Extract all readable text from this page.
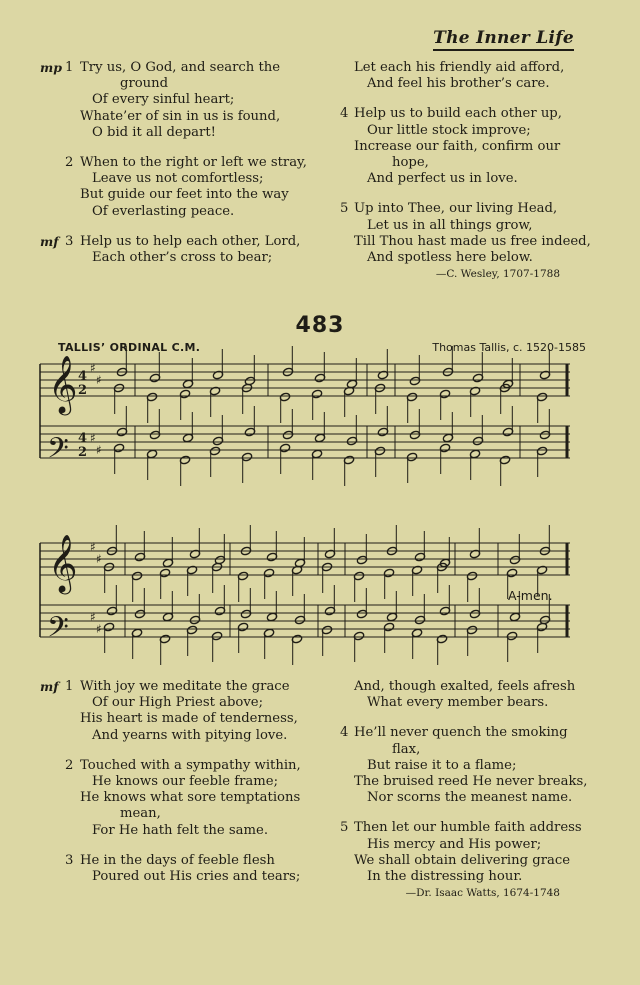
The Inner Life
mp 1 Try us, O God, and search the
ground
Of every sinful heart;
Whate’er of sin in us is found,
O bid it all depart!
2 When to the right or left we stray,
Leave us not comfortless;
But guide our feet into the way
Of everlasting peace.
mf 3 Help us to help each other, Lord,
Each other’s cross to bear;
Let each his friendly aid afford,
And feel his brother’s care.
4 Help us to build each other up,
Our little stock improve;
Increase our faith, confirm our
hope,
And perfect us in love.
5 Up into Thee, our living Head,
Let us in all things grow,
Till Thou hast made us free indeed,
And spotless here below.
—C. Wesley, 1707-1788
483
TALLIS’ ORDINAL C.M.	Thomas Tallis, c. 1520-1585
♯
♯
♯
♯
♯
♯
♯
♯
4
2
4
2
𝄞
𝄢
𝄞
𝄢
A-men.
mf 1 With joy we meditate the grace
Of our High Priest above;
His heart is made of tenderness,
And yearns with pitying love.
2 Touched with a sympathy within,
He knows our feeble frame;
He knows what sore temptations
mean,
For He hath felt the same.
3 He in the days of feeble flesh
Poured out His cries and tears;
And, though exalted, feels afresh
What every member bears.
4 He’ll never quench the smoking
flax,
But raise it to a flame;
The bruised reed He never breaks,
Nor scorns the meanest name.
5 Then let our humble faith address
His mercy and His power;
We shall obtain delivering grace
In the distressing hour.
—Dr. Isaac Watts, 1674-1748
